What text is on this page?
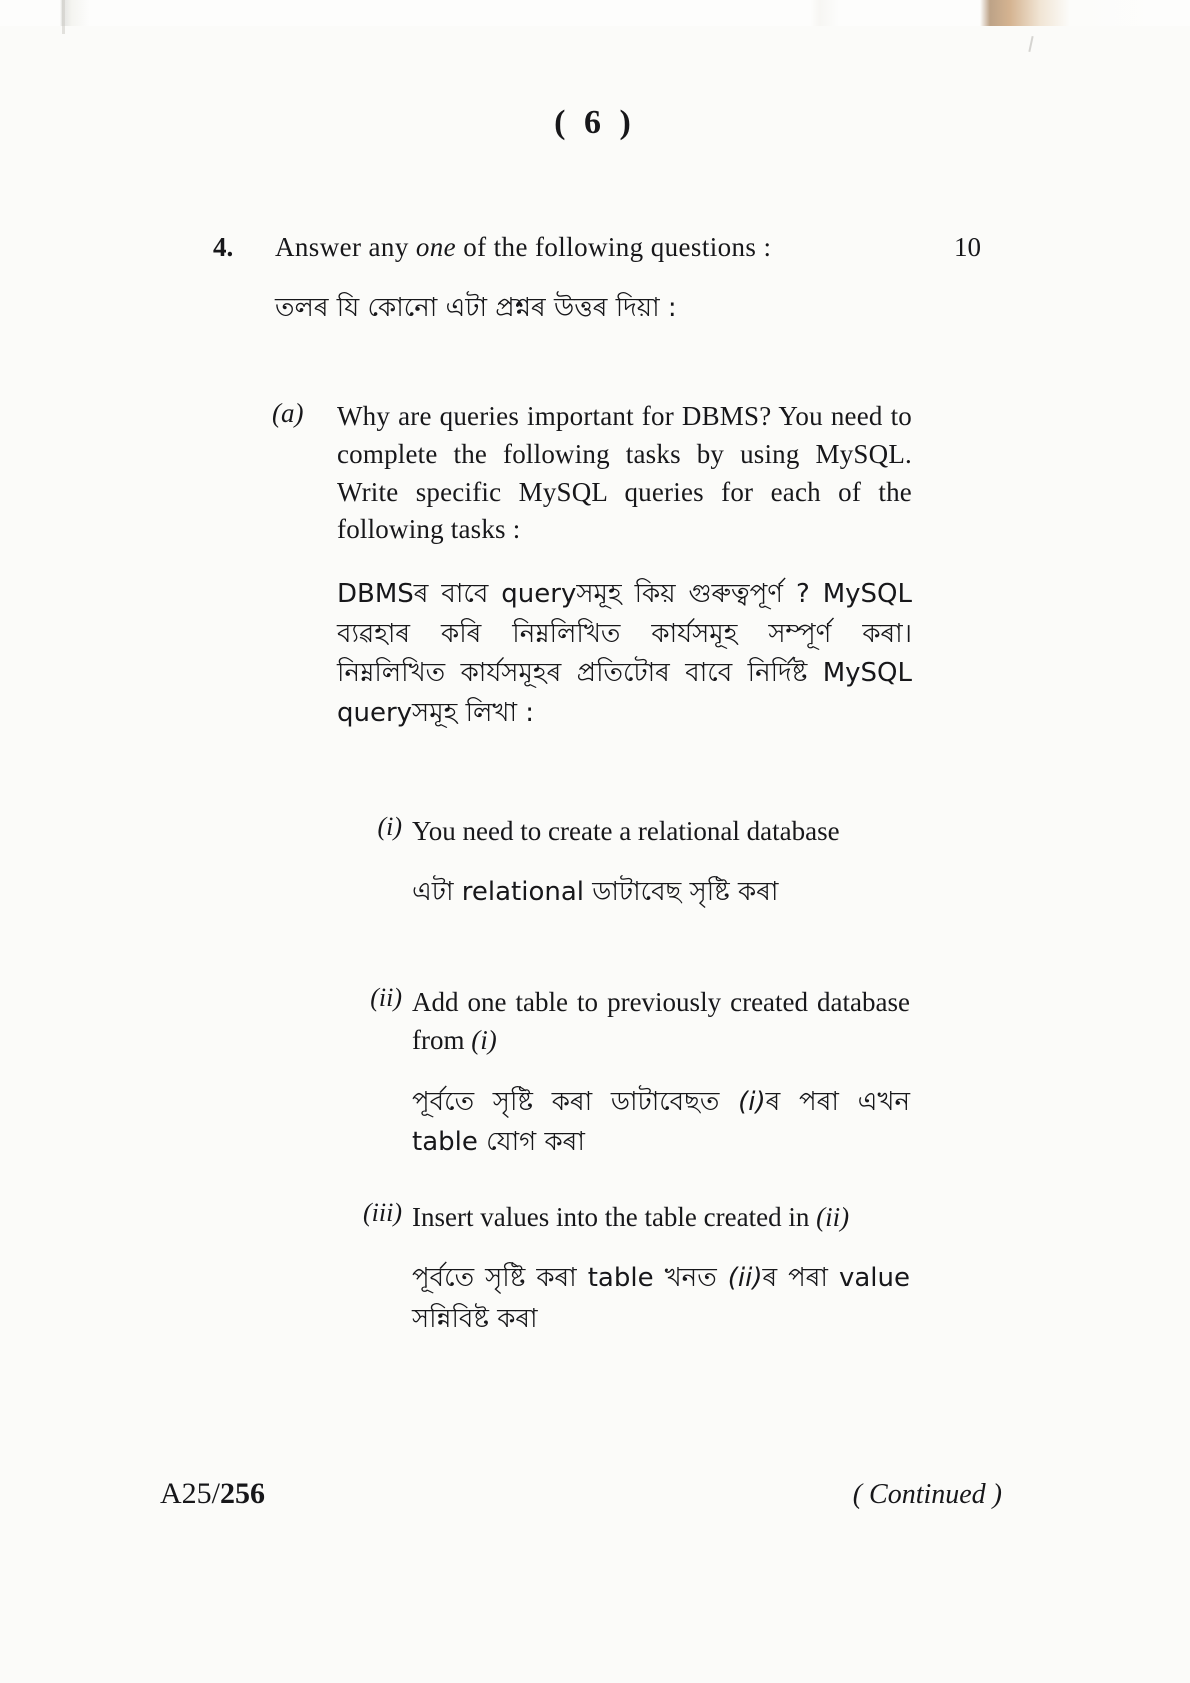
( 6 )
4. Answer any one of the following questions :	10
তলৰ যি কোনো এটা প্ৰশ্নৰ উত্তৰ দিয়া :
(a)	Why are queries important for DBMS? You need to complete the following tasks by using MySQL. Write specific MySQL queries for each of the following tasks :
DBMSৰ বাবে queryসমূহ কিয় গুৰুত্বপূৰ্ণ ? MySQL ব্যৱহাৰ কৰি নিম্নলিখিত কাৰ্যসমূহ সম্পূৰ্ণ কৰা। নিম্নলিখিত কাৰ্যসমূহৰ প্ৰতিটোৰ বাবে নিৰ্দিষ্ট MySQL queryসমূহ লিখা :
(i) You need to create a relational database
এটা relational ডাটাবেছ সৃষ্টি কৰা
(ii) Add one table to previously created database from (i)
পূৰ্বতে সৃষ্টি কৰা ডাটাবেছত (i)ৰ পৰা এখন table যোগ কৰা
(iii) Insert values into the table created in (ii)
পূৰ্বতে সৃষ্টি কৰা table খনত (ii)ৰ পৰা value সন্নিবিষ্ট কৰা
A25/256	( Continued )
